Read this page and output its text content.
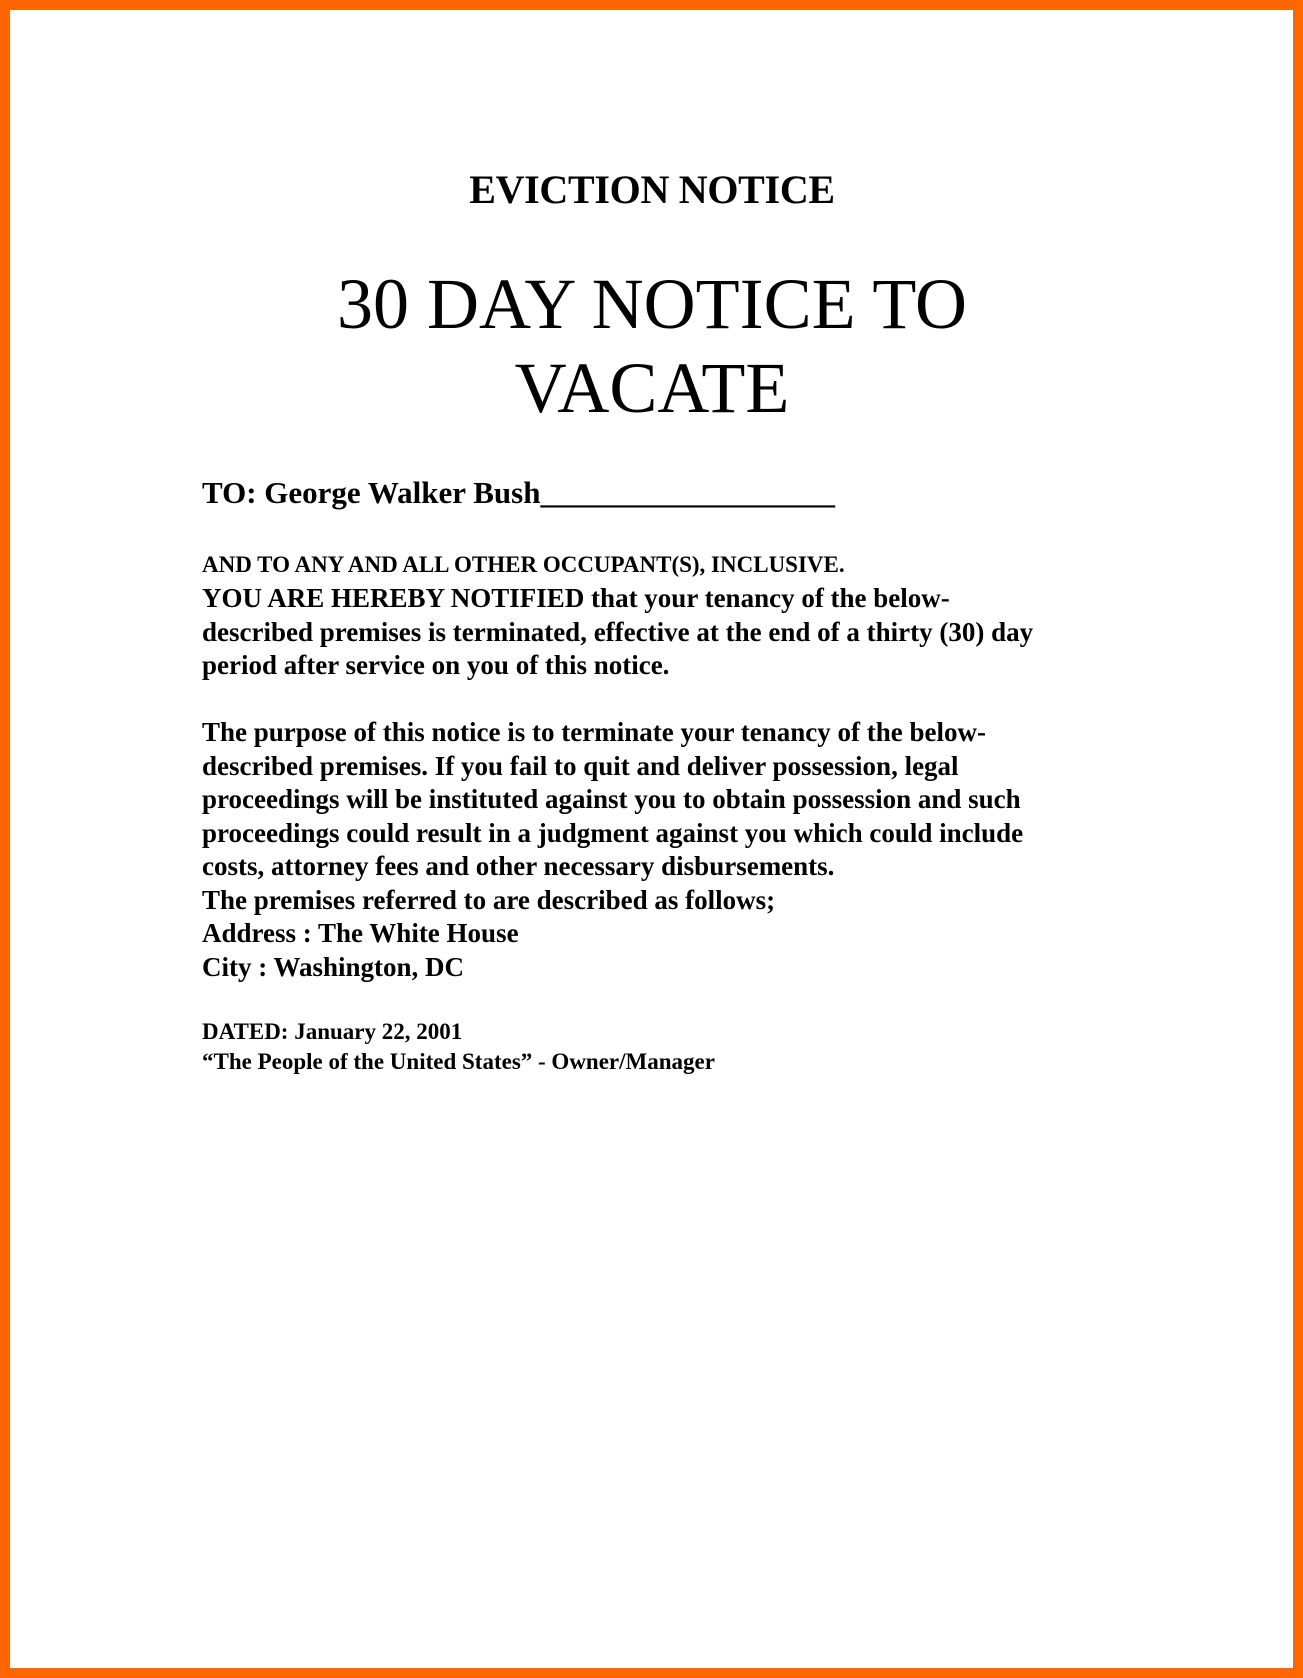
EVICTION NOTICE
30 DAY NOTICE TO
VACATE
TO: George Walker Bush___________________
AND TO ANY AND ALL OTHER OCCUPANT(S), INCLUSIVE.
YOU ARE HEREBY NOTIFIED that your tenancy of the below-
described premises is terminated, effective at the end of a thirty (30) day
period after service on you of this notice.
The purpose of this notice is to terminate your tenancy of the below-
described premises. If you fail to quit and deliver possession, legal
proceedings will be instituted against you to obtain possession and such
proceedings could result in a judgment against you which could include
costs, attorney fees and other necessary disbursements.
The premises referred to are described as follows;
Address : The White House
City : Washington, DC
DATED: January 22, 2001
“The People of the United States” - Owner/Manager
